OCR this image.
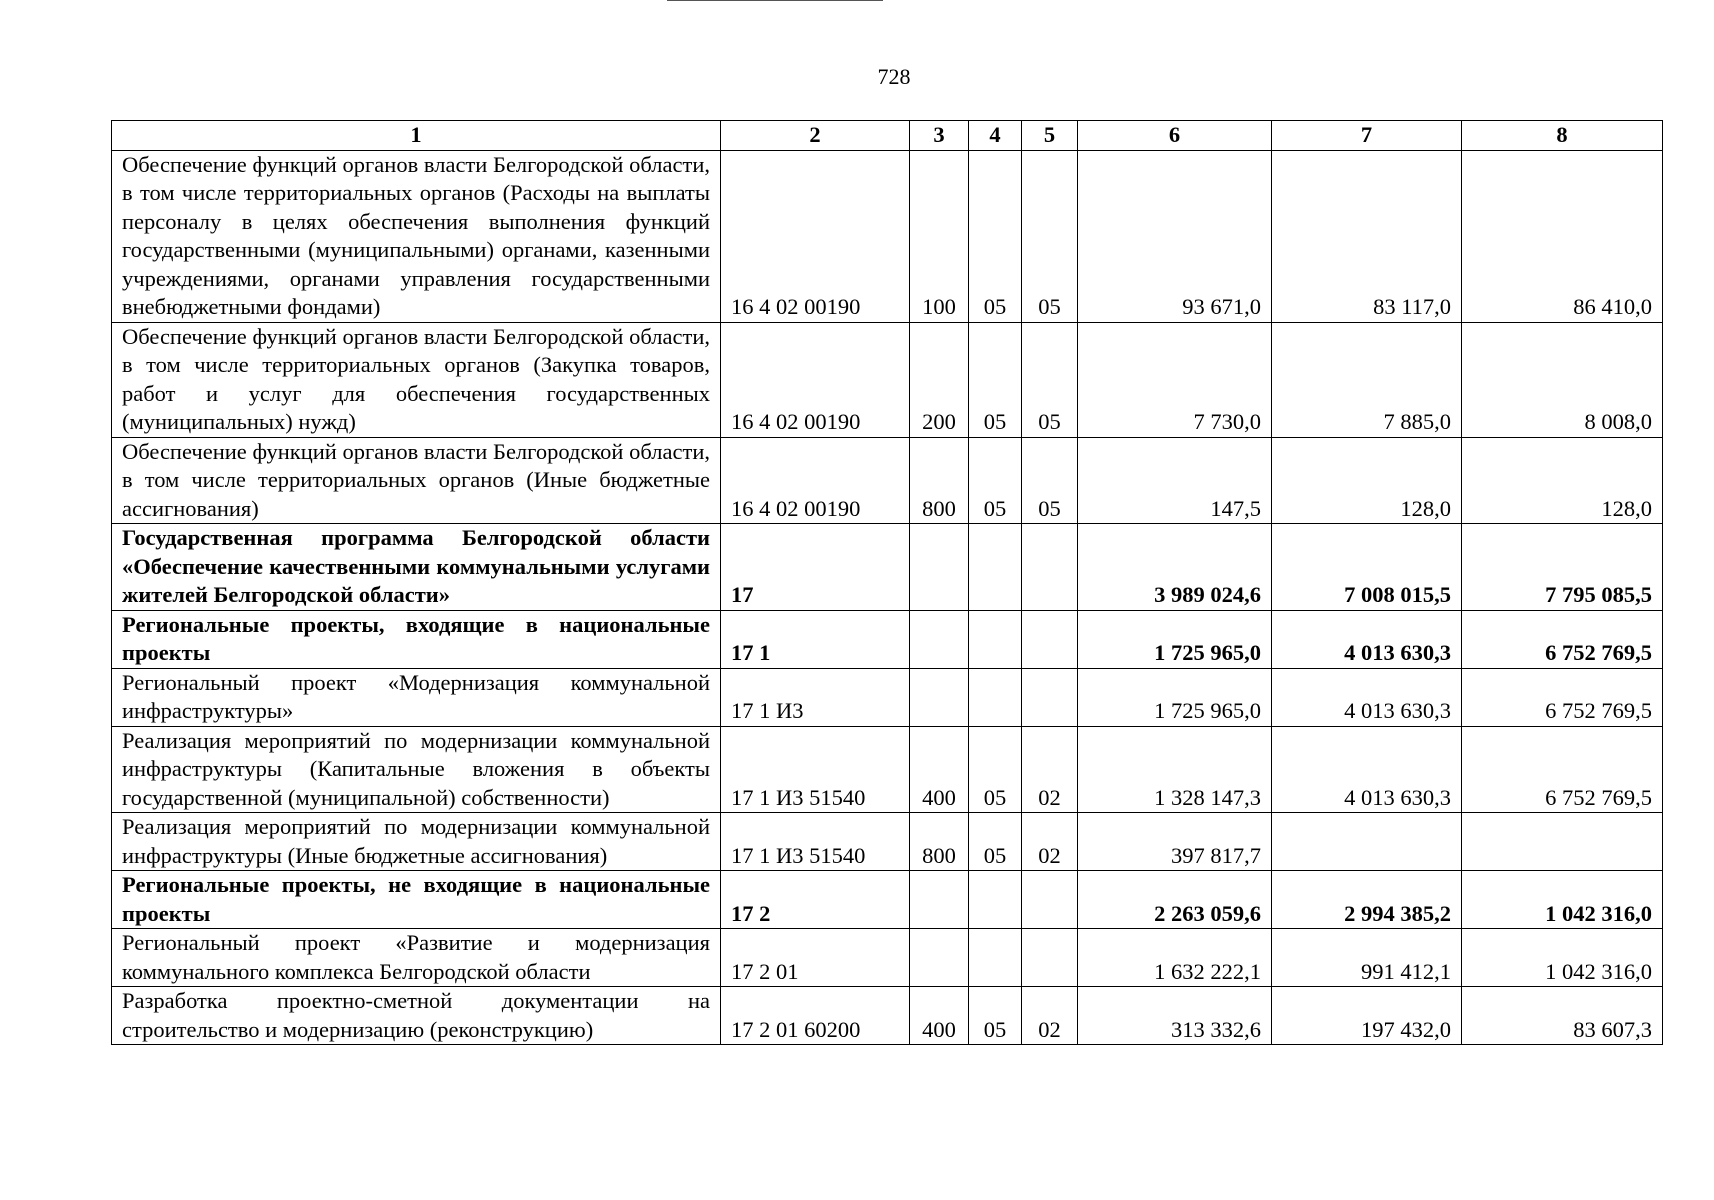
728
1	2	3	4	5	6	7	8
Обеспечение функций органов власти Белгородской области, в том числе территориальных органов (Расходы на выплаты персоналу в целях обеспечения выполнения функций государственными (муниципальными) органами, казенными учреждениями, органами управления государственными внебюджетными фондами)	16 4 02 00190	100	05	05	93 671,0	83 117,0	86 410,0
Обеспечение функций органов власти Белгородской области, в том числе территориальных органов (Закупка товаров, работ и услуг для обеспечения государственных (муниципальных) нужд)	16 4 02 00190	200	05	05	7 730,0	7 885,0	8 008,0
Обеспечение функций органов власти Белгородской области, в том числе территориальных органов (Иные бюджетные ассигнования)	16 4 02 00190	800	05	05	147,5	128,0	128,0
Государственная программа Белгородской области «Обеспечение качественными коммунальными услугами жителей Белгородской области»	17				3 989 024,6	7 008 015,5	7 795 085,5
Региональные проекты, входящие в национальные проекты	17 1				1 725 965,0	4 013 630,3	6 752 769,5
Региональный проект «Модернизация коммунальной инфраструктуры»	17 1 И3				1 725 965,0	4 013 630,3	6 752 769,5
Реализация мероприятий по модернизации коммунальной инфраструктуры (Капитальные вложения в объекты государственной (муниципальной) собственности)	17 1 И3 51540	400	05	02	1 328 147,3	4 013 630,3	6 752 769,5
Реализация мероприятий по модернизации коммунальной инфраструктуры (Иные бюджетные ассигнования)	17 1 И3 51540	800	05	02	397 817,7		
Региональные проекты, не входящие в национальные проекты	17 2				2 263 059,6	2 994 385,2	1 042 316,0
Региональный проект «Развитие и модернизация коммунального комплекса Белгородской области	17 2 01				1 632 222,1	991 412,1	1 042 316,0
Разработка проектно-сметной документации на строительство и модернизацию (реконструкцию)	17 2 01 60200	400	05	02	313 332,6	197 432,0	83 607,3
